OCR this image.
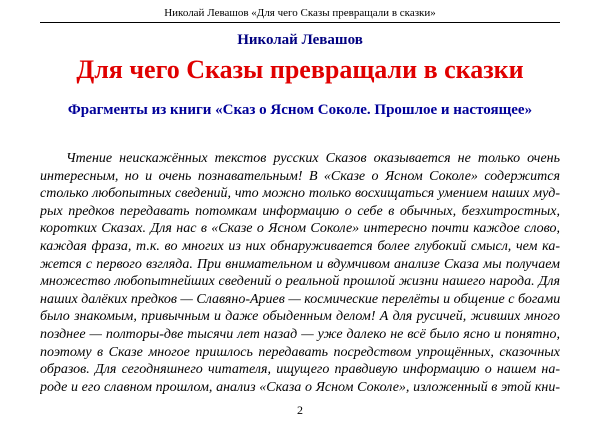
Николай Левашов «Для чего Сказы превращали в сказки»
Николай Левашов
Для чего Сказы превращали в сказки
Фрагменты из книги «Сказ о Ясном Соколе. Прошлое и настоящее»
Чтение неискажённых текстов русских Сказов оказывается не только очень
интересным, но и очень познавательным! В «Сказе о Ясном Соколе» содержится
столько любопытных сведений, что можно только восхищаться умением наших муд-
рых предков передавать потомкам информацию о себе в обычных, безхитростных,
коротких Сказах. Для нас в «Сказе о Ясном Соколе» интересно почти каждое слово,
каждая фраза, т.к. во многих из них обнаруживается более глубокий смысл, чем ка-
жется с первого взгляда. При внимательном и вдумчивом анализе Сказа мы получаем
множество любопытнейших сведений о реальной прошлой жизни нашего народа. Для
наших далёких предков — Славяно-Ариев — космические перелёты и общение с богами
было знакомым, привычным и даже обыденным делом! А для русичей, живших много
позднее — полторы-две тысячи лет назад — уже далеко не всё было ясно и понятно,
поэтому в Сказе многое пришлось передавать посредством упрощённых, сказочных
образов. Для сегодняшнего читателя, ищущего правдивую информацию о нашем на-
роде и его славном прошлом, анализ «Сказа о Ясном Соколе», изложенный в этой кни-
2
